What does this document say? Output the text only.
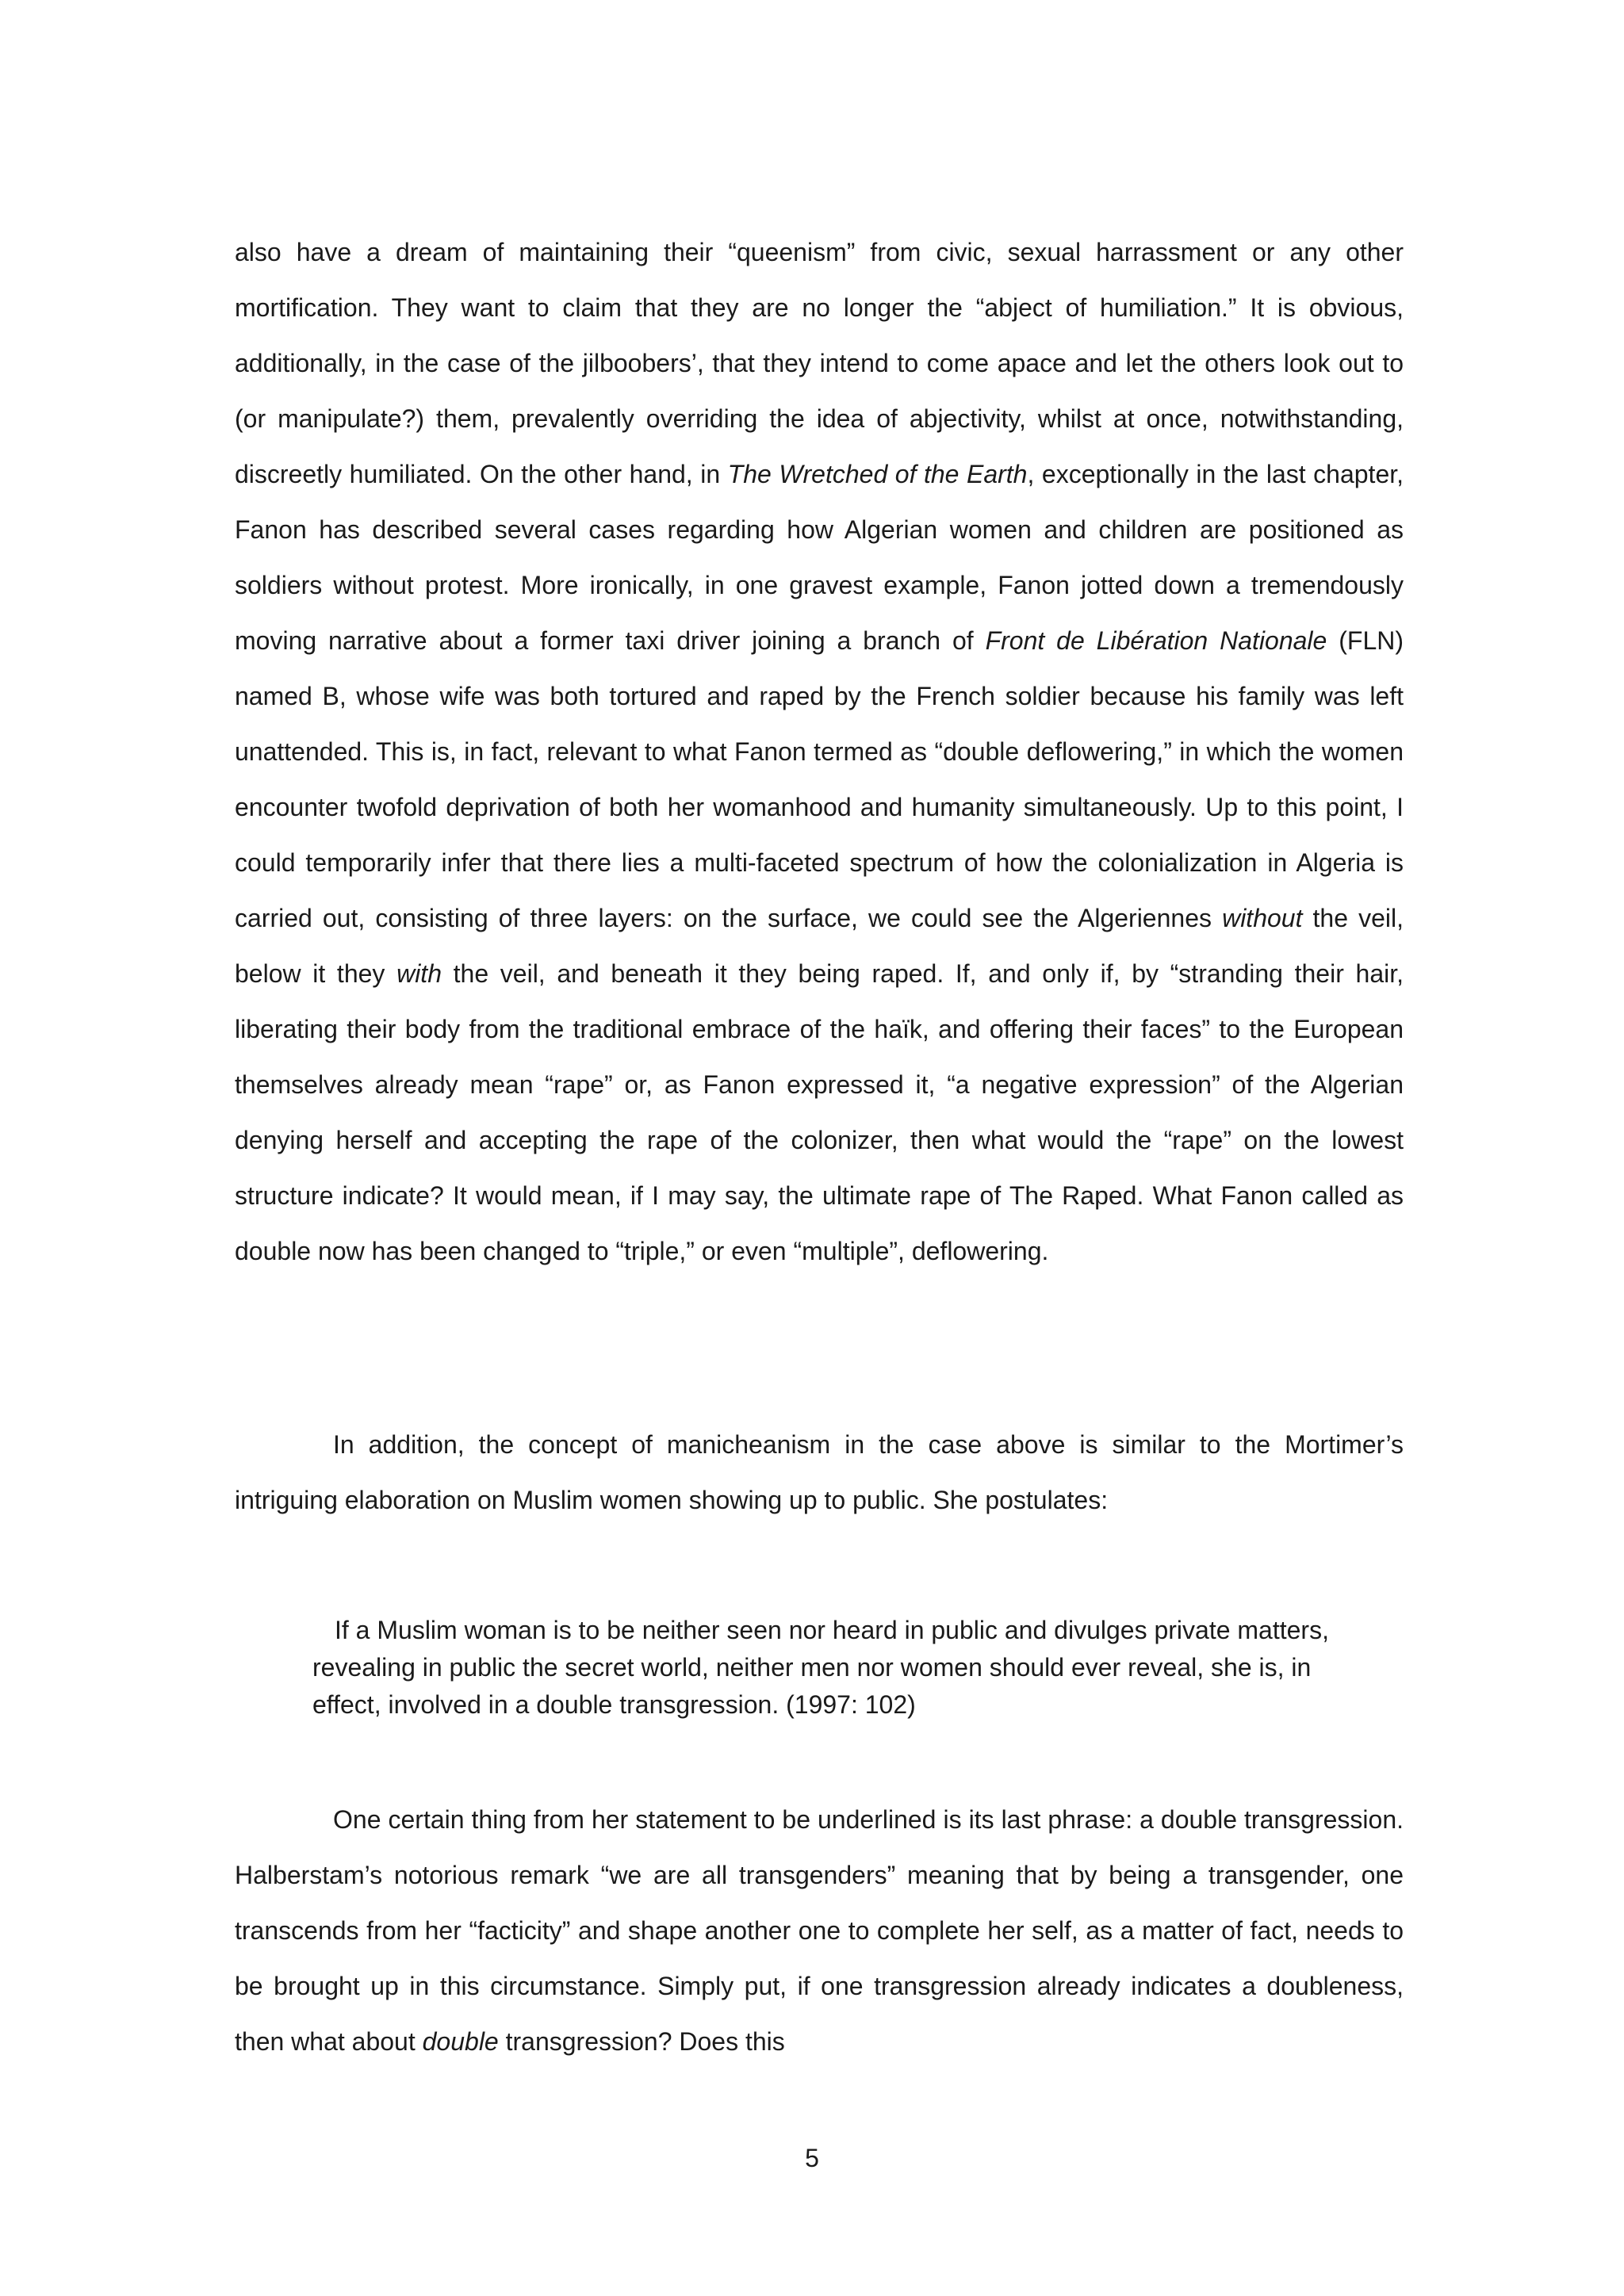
also have a dream of maintaining their “queenism” from civic, sexual harrassment or any other mortification. They want to claim that they are no longer the “abject of humiliation.” It is obvious, additionally, in the case of the jilboobers’, that they intend to come apace and let the others look out to (or manipulate?) them, prevalently overriding the idea of abjectivity, whilst at once, notwithstanding, discreetly humiliated. On the other hand, in The Wretched of the Earth, exceptionally in the last chapter, Fanon has described several cases regarding how Algerian women and children are positioned as soldiers without protest. More ironically, in one gravest example, Fanon jotted down a tremendously moving narrative about a former taxi driver joining a branch of Front de Libération Nationale (FLN) named B, whose wife was both tortured and raped by the French soldier because his family was left unattended. This is, in fact, relevant to what Fanon termed as “double deflowering,” in which the women encounter twofold deprivation of both her womanhood and humanity simultaneously. Up to this point, I could temporarily infer that there lies a multi-faceted spectrum of how the colonialization in Algeria is carried out, consisting of three layers: on the surface, we could see the Algeriennes without the veil, below it they with the veil, and beneath it they being raped. If, and only if, by “stranding their hair, liberating their body from the traditional embrace of the haïk, and offering their faces” to the European themselves already mean “rape” or, as Fanon expressed it, “a negative expression” of the Algerian denying herself and accepting the rape of the colonizer, then what would the “rape” on the lowest structure indicate? It would mean, if I may say, the ultimate rape of The Raped. What Fanon called as double now has been changed to “triple,” or even “multiple”, deflowering.

In addition, the concept of manicheanism in the case above is similar to the Mortimer’s intriguing elaboration on Muslim women showing up to public. She postulates:

If a Muslim woman is to be neither seen nor heard in public and divulges private matters, revealing in public the secret world, neither men nor women should ever reveal, she is, in effect, involved in a double transgression. (1997: 102)

One certain thing from her statement to be underlined is its last phrase: a double transgression. Halberstam’s notorious remark “we are all transgenders” meaning that by being a transgender, one transcends from her “facticity” and shape another one to complete her self, as a matter of fact, needs to be brought up in this circumstance. Simply put, if one transgression already indicates a doubleness, then what about double transgression? Does this

5
